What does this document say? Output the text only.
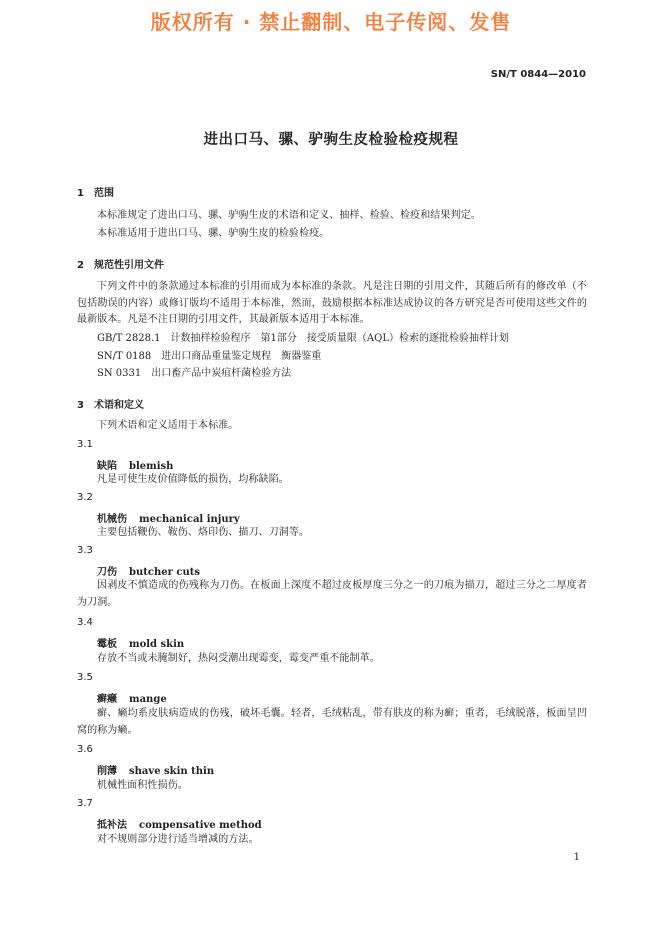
版权所有 · 禁止翻制、电子传阅、发售
SN/T 0844—2010
进出口马、骡、驴驹生皮检验检疫规程
1 范围
本标准规定了进出口马、骡、驴驹生皮的术语和定义、抽样、检验、检疫和结果判定。
本标准适用于进出口马、骡、驴驹生皮的检验检疫。
2 规范性引用文件
下列文件中的条款通过本标准的引用而成为本标准的条款。凡是注日期的引用文件，其随后所有的修改单（不包括勘误的内容）或修订版均不适用于本标准，然而，鼓励根据本标准达成协议的各方研究是否可使用这些文件的最新版本。凡是不注日期的引用文件，其最新版本适用于本标准。
GB/T 2828.1　计数抽样检验程序　第1部分　接受质量限（AQL）检索的逐批检验抽样计划
SN/T 0188　进出口商品重量鉴定规程　衡器鉴重
SN 0331　出口畜产品中炭疽杆菌检验方法
3 术语和定义
下列术语和定义适用于本标准。
3.1
缺陷 blemish
凡是可使生皮价值降低的损伤，均称缺陷。
3.2
机械伤 mechanical injury
主要包括鞭伤、鞍伤、烙印伤、描刀、刀洞等。
3.3
刀伤 butcher cuts
因剥皮不慎造成的伤残称为刀伤。在板面上深度不超过皮板厚度三分之一的刀痕为描刀，超过三分之二厚度者为刀洞。
3.4
霉板 mold skin
存放不当或未腌制好，热闷受潮出现霉变，霉变严重不能制革。
3.5
癣癞 mange
癣、癞均系皮肤病造成的伤残，破坏毛囊。轻者，毛绒粘乱，带有肤皮的称为癣；重者，毛绒脱落，板面呈凹窝的称为癞。
3.6
削薄 shave skin thin
机械性面积性损伤。
3.7
抵补法 compensative method
对不规则部分进行适当增减的方法。
1
